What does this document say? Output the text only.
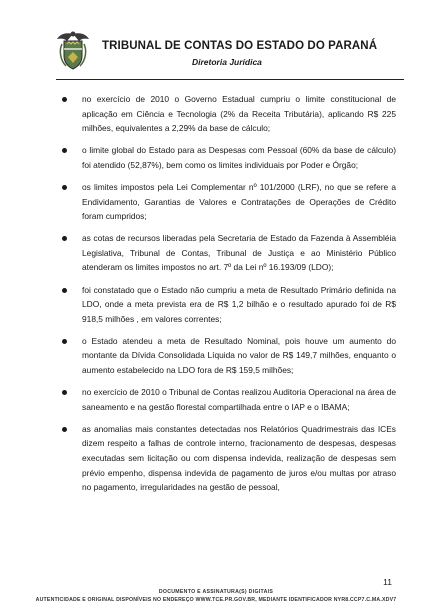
TRIBUNAL DE CONTAS DO ESTADO DO PARANÁ
Diretoria Jurídica
no exercício de 2010 o Governo Estadual cumpriu o limite constitucional de aplicação em Ciência e Tecnologia (2% da Receita Tributária), aplicando R$ 225 milhões, equivalentes a 2,29% da base de cálculo;
o limite global do Estado para as Despesas com Pessoal (60% da base de cálculo) foi atendido (52,87%), bem como os limites individuais por Poder e Órgão;
os limites impostos pela Lei Complementar nº 101/2000 (LRF), no que se refere a Endividamento, Garantias de Valores e Contratações de Operações de Crédito foram cumpridos;
as cotas de recursos liberadas pela Secretaria de Estado da Fazenda à Assembléia Legislativa, Tribunal de Contas, Tribunal de Justiça e ao Ministério Público atenderam os limites impostos no art. 7º da Lei nº 16.193/09 (LDO);
foi constatado que o Estado não cumpriu a meta de Resultado Primário definida na LDO, onde a meta prevista era de R$ 1,2 bilhão e o resultado apurado foi de R$ 918,5 milhões , em valores correntes;
o Estado atendeu a meta de Resultado Nominal, pois houve um aumento do montante da Dívida Consolidada Líquida no valor de R$ 149,7 milhões, enquanto o aumento estabelecido na LDO fora de R$ 159,5 milhões;
no exercício de 2010 o Tribunal de Contas realizou Auditoria Operacional na área de saneamento e na gestão florestal compartilhada entre o IAP e o IBAMA;
as anomalias mais constantes detectadas nos Relatórios Quadrimestrais das ICEs dizem respeito a falhas de controle interno, fracionamento de despesas, despesas executadas sem licitação ou com dispensa indevida, realização de despesas sem prévio empenho, dispensa indevida de pagamento de juros e/ou multas por atraso no pagamento, irregularidades na gestão de pessoal,
11
DOCUMENTO E ASSINATURA(S) DIGITAIS
AUTENTICIDADE E ORIGINAL DISPONÍVEIS NO ENDEREÇO WWW.TCE.PR.GOV.BR, MEDIANTE IDENTIFICADOR NYR8.CCP7.C.MA.XDV7
